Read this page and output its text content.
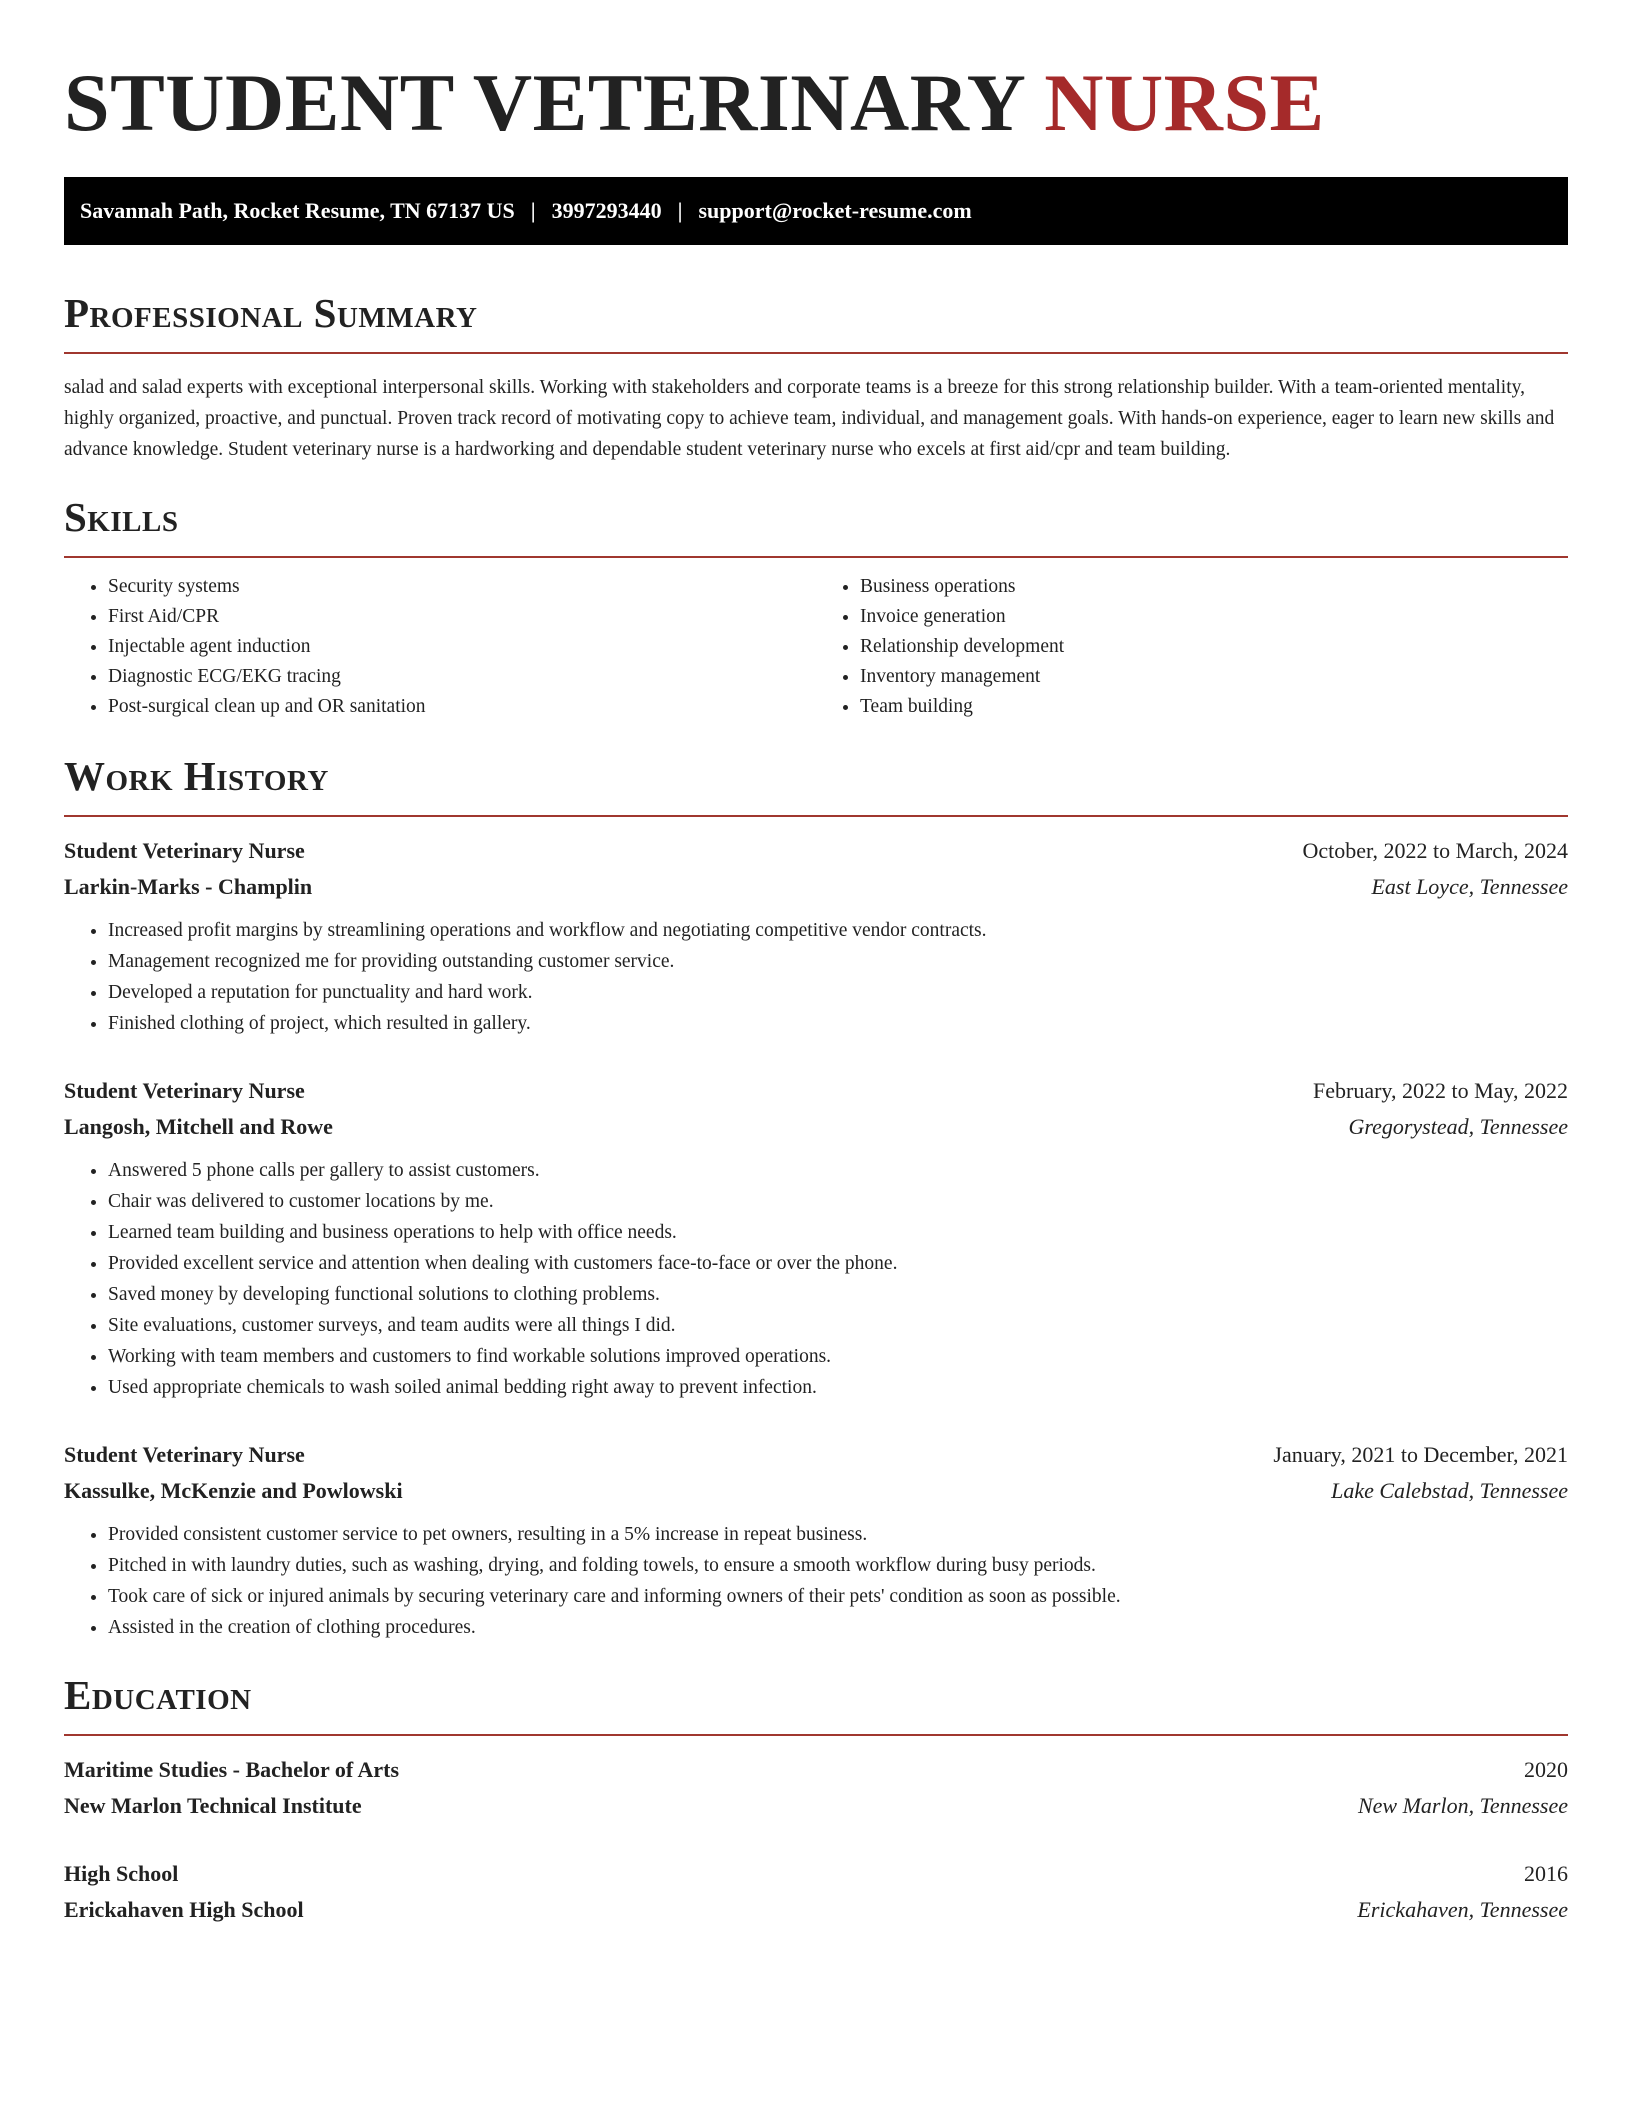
STUDENT VETERINARY NURSE
Savannah Path, Rocket Resume, TN 67137 US | 3997293440 | support@rocket-resume.com
Professional Summary

salad and salad experts with exceptional interpersonal skills. Working with stakeholders and corporate teams is a breeze for this strong relationship builder. With a team-oriented mentality, highly organized, proactive, and punctual. Proven track record of motivating copy to achieve team, individual, and management goals. With hands-on experience, eager to learn new skills and advance knowledge. Student veterinary nurse is a hardworking and dependable student veterinary nurse who excels at first aid/cpr and team building.

Skills
• Security systems
• First Aid/CPR
• Injectable agent induction
• Diagnostic ECG/EKG tracing
• Post-surgical clean up and OR sanitation
• Business operations
• Invoice generation
• Relationship development
• Inventory management
• Team building
Work History
Student Veterinary Nurse	October, 2022 to March, 2024
Larkin-Marks - Champlin	East Loyce, Tennessee
• Increased profit margins by streamlining operations and workflow and negotiating competitive vendor contracts.
• Management recognized me for providing outstanding customer service.
• Developed a reputation for punctuality and hard work.
• Finished clothing of project, which resulted in gallery.
Student Veterinary Nurse	February, 2022 to May, 2022
Langosh, Mitchell and Rowe	Gregorystead, Tennessee
• Answered 5 phone calls per gallery to assist customers.
• Chair was delivered to customer locations by me.
• Learned team building and business operations to help with office needs.
• Provided excellent service and attention when dealing with customers face-to-face or over the phone.
• Saved money by developing functional solutions to clothing problems.
• Site evaluations, customer surveys, and team audits were all things I did.
• Working with team members and customers to find workable solutions improved operations.
• Used appropriate chemicals to wash soiled animal bedding right away to prevent infection.
Student Veterinary Nurse	January, 2021 to December, 2021
Kassulke, McKenzie and Powlowski	Lake Calebstad, Tennessee
• Provided consistent customer service to pet owners, resulting in a 5% increase in repeat business.
• Pitched in with laundry duties, such as washing, drying, and folding towels, to ensure a smooth workflow during busy periods.
• Took care of sick or injured animals by securing veterinary care and informing owners of their pets' condition as soon as possible.
• Assisted in the creation of clothing procedures.
Education
Maritime Studies - Bachelor of Arts	2020
New Marlon Technical Institute	New Marlon, Tennessee
High School	2016
Erickahaven High School	Erickahaven, Tennessee
